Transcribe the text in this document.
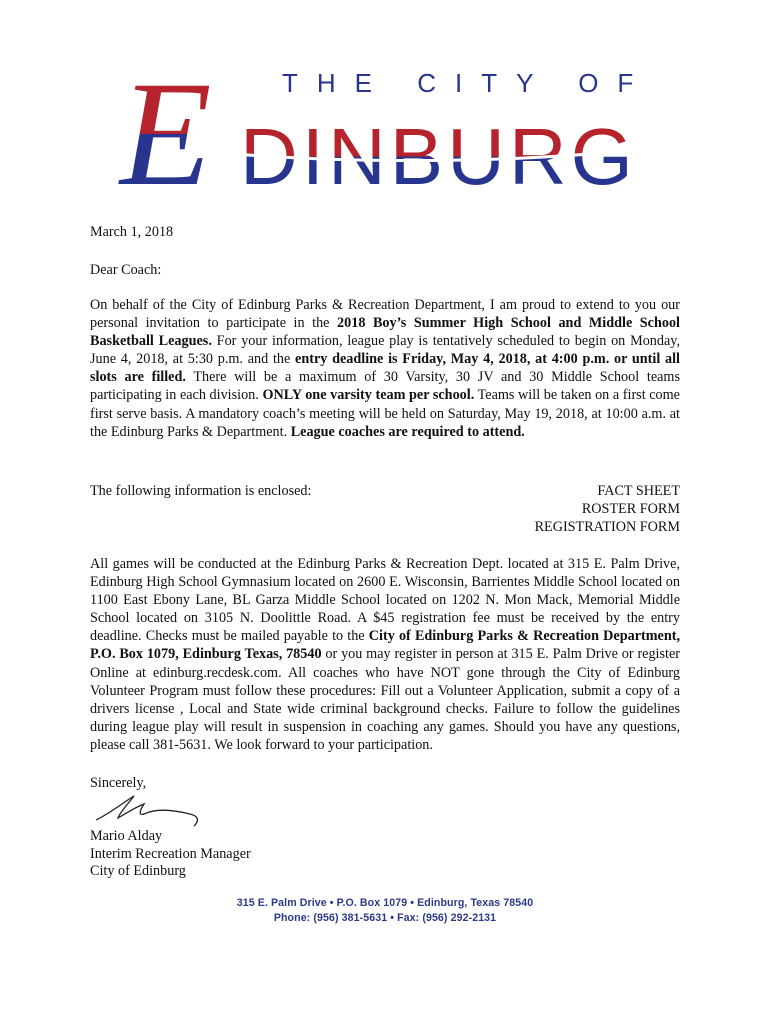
THE CITY OF
E DINBURG
March 1, 2018
Dear Coach:
On behalf of the City of Edinburg Parks & Recreation Department, I am proud to extend to you our personal invitation to participate in the 2018 Boy’s Summer High School and Middle School Basketball Leagues. For your information, league play is tentatively scheduled to begin on Monday, June 4, 2018, at 5:30 p.m. and the entry deadline is Friday, May 4, 2018, at 4:00 p.m. or until all slots are filled. There will be a maximum of 30 Varsity, 30 JV and 30 Middle School teams participating in each division. ONLY one varsity team per school. Teams will be taken on a first come first serve basis. A mandatory coach’s meeting will be held on Saturday, May 19, 2018, at 10:00 a.m. at the Edinburg Parks & Department. League coaches are required to attend.
The following information is enclosed:	FACT SHEET
ROSTER FORM
REGISTRATION FORM
All games will be conducted at the Edinburg Parks & Recreation Dept. located at 315 E. Palm Drive, Edinburg High School Gymnasium located on 2600 E. Wisconsin, Barrientes Middle School located on 1100 East Ebony Lane, BL Garza Middle School located on 1202 N. Mon Mack, Memorial Middle School located on 3105 N. Doolittle Road. A $45 registration fee must be received by the entry deadline. Checks must be mailed payable to the City of Edinburg Parks & Recreation Department, P.O. Box 1079, Edinburg Texas, 78540 or you may register in person at 315 E. Palm Drive or register Online at edinburg.recdesk.com. All coaches who have NOT gone through the City of Edinburg Volunteer Program must follow these procedures: Fill out a Volunteer Application, submit a copy of a drivers license , Local and State wide criminal background checks. Failure to follow the guidelines during league play will result in suspension in coaching any games. Should you have any questions, please call 381-5631. We look forward to your participation.
Sincerely,
Mario Alday
Interim Recreation Manager
City of Edinburg
315 E. Palm Drive • P.O. Box 1079 • Edinburg, Texas 78540
Phone: (956) 381-5631 • Fax: (956) 292-2131
